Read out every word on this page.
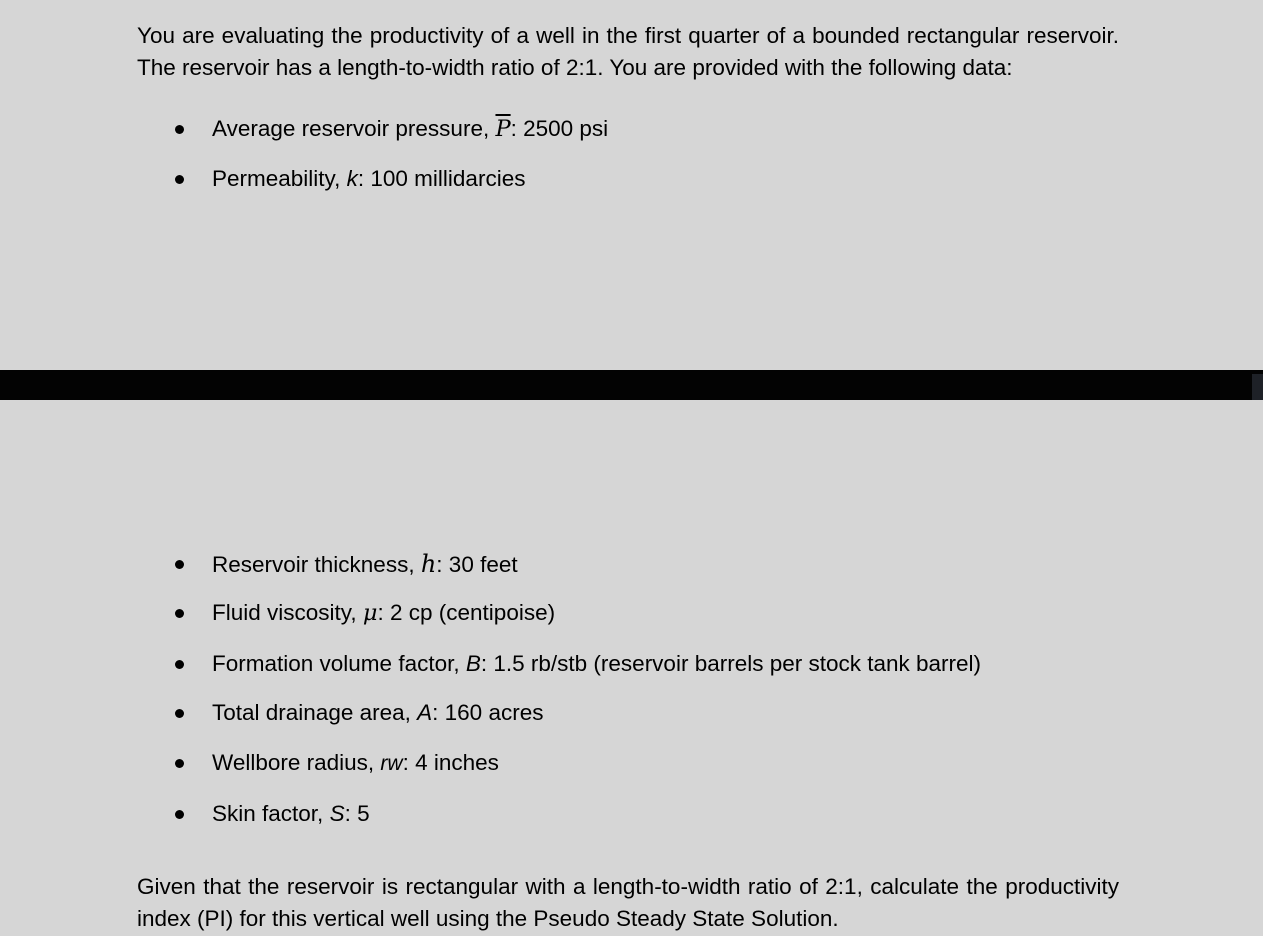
You are evaluating the productivity of a well in the first quarter of a bounded rectangular reservoir. The reservoir has a length-to-width ratio of 2:1. You are provided with the following data:

Average reservoir pressure, $\overline{P}$: 2500 psi
Permeability, k: 100 millidarcies
Reservoir thickness, h: 30 feet
Fluid viscosity, μ: 2 cp (centipoise)
Formation volume factor, B: 1.5 rb/stb (reservoir barrels per stock tank barrel)
Total drainage area, A: 160 acres
Wellbore radius, rw: 4 inches
Skin factor, S: 5

Given that the reservoir is rectangular with a length-to-width ratio of 2:1, calculate the productivity index (PI) for this vertical well using the Pseudo Steady State Solution.
